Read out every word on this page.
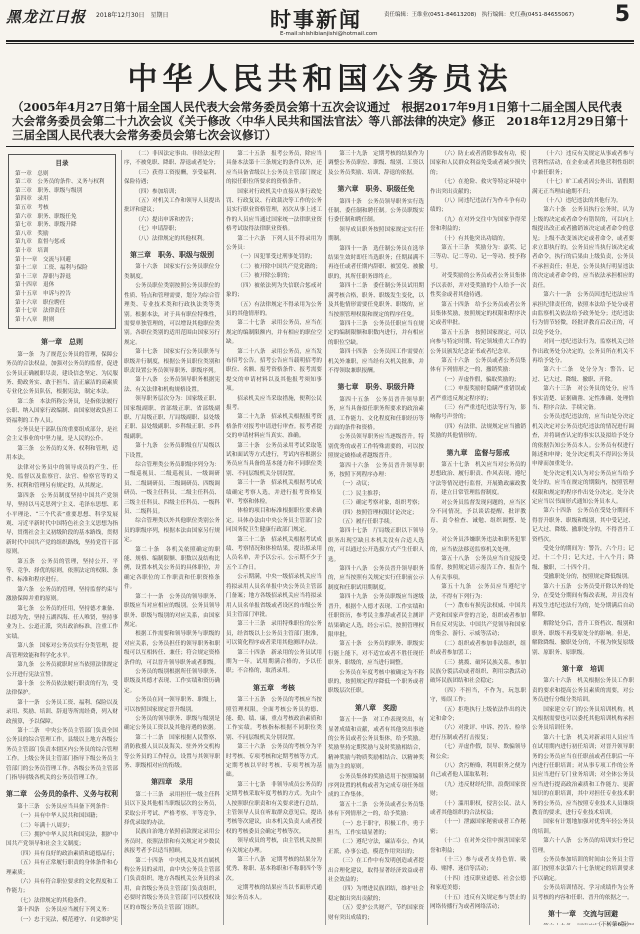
黑龙江日报 2018年12月30日　星期日	时事新闻
E-mail:shishibianjishi@hotmail.com
责任编辑：王维业(0451-84613208)　执行编辑：史红燕(0451-84655067) 5
中华人民共和国公务员法
（2005年4月27日第十届全国人民代表大会常务委员会第十五次会议通过　根据2017年9月1日第十二届全国人民代表大会常务委员会第二十九次会议《关于修改〈中华人民共和国法官法〉等八部法律的决定》修正　2018年12月29日第十三届全国人民代表大会常务委员会第七次会议修订）
目录
第一章　总则
第二章　公务员的条件、义务与权利
第三章　职务、职级与级别
第四章　录用
第五章　考核
第六章　职务、职级任免
第七章　职务、职级升降
第八章　奖励
第九章　监督与惩戒
第十章　培训
第十一章　交流与回避
第十二章　工资、福利与保险
第十三章　辞职与辞退
第十四章　退休
第十五章　申诉与控告
第十六章　职位聘任
第十七章　法律责任
第十八章　附则
第一章　总则

第一条　为了规范公务员的管理，保障公务员的合法权益，加强对公务员的监督，促进公务员正确履职尽责，建设信念坚定、为民服务、勤政务实、敢于担当、清正廉洁的高素质专业化公务员队伍，根据宪法，制定本法。

第二条　本法所称公务员，是指依法履行公职、纳入国家行政编制、由国家财政负担工资福利的工作人员。

公务员是干部队伍的重要组成部分，是社会主义事业的中坚力量，是人民的公仆。

第三条　公务员的义务、权利和管理，适用本法。

法律对公务员中的领导成员的产生、任免、监督以及监察官、法官、检察官等的义务、权利和管理另有规定的，从其规定。

第四条　公务员制度坚持中国共产党领导，坚持以马克思列宁主义、毛泽东思想、邓小平理论、“三个代表”重要思想、科学发展观、习近平新时代中国特色社会主义思想为指导，贯彻社会主义初级阶段的基本路线，贯彻新时代中国共产党的组织路线，坚持党管干部原则。

第五条　公务员的管理，坚持公开、平等、竞争、择优的原则，依照法定的权限、条件、标准和程序进行。

第六条　公务员的管理，坚持监督约束与激励保障并重的原则。

第七条　公务员的任用，坚持德才兼备、以德为先，坚持五湖四海、任人唯贤，坚持事业为上、公道正派，突出政治标准，注重工作实绩。

第八条　国家对公务员实行分类管理，提高管理效能和科学化水平。

第九条　公务员就职时应当依照法律规定公开进行宪法宣誓。

第十条　公务员依法履行职责的行为，受法律保护。

第十一条　公务员工资、福利、保险以及录用、奖励、培训、辞退等所需经费，列入财政预算，予以保障。

第十二条　中央公务员主管部门负责全国公务员的综合管理工作。县级以上地方各级公务员主管部门负责本辖区内公务员的综合管理工作。上级公务员主管部门指导下级公务员主管部门的公务员管理工作。各级公务员主管部门指导同级各机关的公务员管理工作。

第二章　公务员的条件、义务与权利

第十三条　公务员应当具备下列条件：

（一）具有中华人民共和国国籍；

（二）年满十八周岁；

（三）拥护中华人民共和国宪法，拥护中国共产党领导和社会主义制度；

（四）具有良好的政治素质和道德品行；

（五）具有正常履行职责的身体条件和心理素质；

（六）具有符合职位要求的文化程度和工作能力；

（七）法律规定的其他条件。

第十四条　公务员应当履行下列义务：

（一）忠于宪法，模范遵守、自觉维护宪

（二）非因法定事由、非经法定程序，不被免职、降职、辞退或者处分；

（三）获得工资报酬，享受福利、保险待遇；

（四）参加培训；

（五）对机关工作和领导人员提出批评和建议；

（六）提出申诉和控告；

（七）申请辞职；

（八）法律规定的其他权利。

第三章　职务、职级与级别

第十六条　国家实行公务员职位分类制度。

公务员职位类别按照公务员职位的性质、特点和管理需要，划分为综合管理类、专业技术类和行政执法类等类别。根据本法，对于具有职位特殊性，需要单独管理的，可以增设其他职位类别。各职位类别的适用范围由国家另行规定。

第十七条　国家实行公务员职务与职级并行制度，根据公务员职位类别和职责设置公务员领导职务、职级序列。

第十八条　公务员领导职务根据宪法、有关法律和机构规格设置。

领导职务层次分为：国家级正职、国家级副职、省部级正职、省部级副职、厅局级正职、厅局级副职、县处级正职、县处级副职、乡科级正职、乡科级副职。

第十九条　公务员职级在厅局级以下设置。

综合管理类公务员职级序列分为：一级巡视员、二级巡视员、一级调研员、二级调研员、三级调研员、四级调研员、一级主任科员、二级主任科员、三级主任科员、四级主任科员、一级科员、二级科员。

综合管理类以外其他职位类别公务员的职级序列，根据本法由国家另行规定。

第二十条　各机关依照确定的职能、规格、编制限额、职数以及结构比例，设置本机关公务员的具体职位，并确定各职位的工作职责和任职资格条件。

第二十一条　公务员的领导职务、职级应当对应相应的级别。公务员领导职务、职级与级别的对应关系，由国家规定。

根据工作需要和领导职务与职级的对应关系，公务员担任的领导职务和职级可以互相转任、兼任；符合规定资格条件的，可以晋升领导职务或者职级。

公务员的级别根据所任领导职务、职级及其德才表现、工作实绩和资历确定。

公务员在同一领导职务、职级上，可以按照国家规定晋升级别。

公务员的领导职务、职级与级别是确定公务员工资以及其他待遇的依据。

第二十二条　国家根据人民警察、消防救援人员以及海关、驻外外交机构等公务员的工作特点，设置与其领导职务、职级相对应的衔级。

第四章　录用

第二十三条　录用担任一级主任科员以下及其他相当职级层次的公务员，采取公开考试、严格考察、平等竞争、择优录取的办法。

民族自治地方依照前款规定录用公务员时，依照法律和有关规定对少数民族报考者予以适当照顾。

第二十四条　中央机关及其直属机构公务员的录用，由中央公务员主管部门负责组织。地方各级机关公务员的录用，由省级公务员主管部门负责组织，必要时省级公务员主管部门可以授权设区的市级公务员主管部门组织。

第二十五条　报考公务员，除应当具备本法第十三条规定的条件以外，还应当具备省级以上公务员主管部门规定的拟任职位所要求的资格条件。

国家对行政机关中直接从事行政处罚、行政复议、行政裁决等工作的公务员实行职业资格管理，初次从事上述工作的人员应当通过国家统一法律职业资格考试取得法律职业资格。

第二十六条　下列人员不得录用为公务员：

（一）因犯罪受过刑事处罚的；

（二）被开除中国共产党党籍的；

（三）被开除公职的；

（四）被依法列为失信联合惩戒对象的；

（五）有法律规定不得录用为公务员的其他情形的。

第二十七条　录用公务员，应当在规定的编制限额内，并有相应的职位空缺。

第二十八条　录用公务员，应当发布招考公告。招考公告应当载明招考的职位、名额、报考资格条件、报考需要提交的申请材料以及其他报考须知事项。

招录机关应当采取措施，便利公民报考。

第二十九条　招录机关根据报考资格条件对报考申请进行审查。报考者提交的申请材料应当真实、准确。

第三十条　公务员录用考试采取笔试和面试等方式进行，考试内容根据公务员应当具备的基本能力和不同职位类别、不同层级机关分别设置。

第三十一条　招录机关根据考试成绩确定考察人选，并进行报考资格复审、考察和体检。

体检的项目和标准根据职位要求确定。具体办法由中央公务员主管部门会同国务院卫生健康行政部门规定。

第三十二条　招录机关根据考试成绩、考察情况和体检结果，提出拟录用人员名单，并予以公示。公示期不少于五个工作日。

公示期满，中央一级招录机关应当将拟录用人员名单报中央公务员主管部门备案；地方各级招录机关应当将拟录用人员名单报省级或者设区的市级公务员主管部门审批。

第三十三条　录用特殊职位的公务员，经省级以上公务员主管部门批准，可以简化程序或者采用其他测评办法。

第三十四条　新录用的公务员试用期为一年。试用期满合格的，予以任职；不合格的，取消录用。

第五章　考核

第三十五条　公务员的考核应当按照管理权限，全面考核公务员的德、能、勤、绩、廉，重点考核政治素质和工作实绩。考核指标根据不同职位类别、不同层级机关分别设置。

第三十六条　公务员的考核分为平时考核、专项考核和定期考核等方式。定期考核以平时考核、专项考核为基础。

第三十七条　非领导成员公务员的定期考核采取年度考核的方式。先由个人按照职位职责和有关要求进行总结，主管领导人员在听取群众意见后，提出考核等次建议，由本机关负责人或者授权的考核委员会确定考核等次。

领导成员的考核，由主管机关按照有关规定办理。

第三十八条　定期考核的结果分为优秀、称职、基本称职和不称职四个等次。

定期考核的结果应当以书面形式通知公务员本人。

第三十九条　定期考核的结果作为调整公务员职位、职级、级别、工资以及公务员奖励、培训、辞退的依据。

第六章　职务、职级任免

第四十条　公务员领导职务实行选任制、委任制和聘任制。公务员职级实行委任制和聘任制。

领导成员职务按照国家规定实行任期制。

第四十一条　选任制公务员在选举结果生效时即任当选职务；任期届满不再连任或者任期内辞职、被罢免、被撤职的，其所任职务即终止。

第四十二条　委任制公务员试用期满考核合格，职务、职级发生变化，以及其他情形需要任免职务、职级的，应当按照管理权限和规定的程序任免。

第四十三条　公务员任职应当在规定的编制限额和职数内进行，并有相应的职位空缺。

第四十四条　公务员因工作需要在机关外兼职，应当经有关机关批准，并不得领取兼职报酬。

第七章　职务、职级升降

第四十五条　公务员晋升领导职务，应当具备拟任职务所要求的政治素质、工作能力、文化程度和任职经历等方面的条件和资格。

公务员领导职务应当逐级晋升。特别优秀的或者工作特殊需要的，可以按照规定破格或者越级晋升。

第四十六条　公务员晋升领导职务，按照下列程序办理：

（一）动议；

（二）民主推荐；

（三）确定考察对象，组织考察；

（四）按照管理权限讨论决定；

（五）履行任职手续。

第四十七条　厅局级正职以下领导职务出现空缺且本机关没有合适人选的，可以通过公开选拔方式产生任职人选。

第四十八条　公务员晋升领导职务的，应当按照有关规定实行任职前公示制度和任职试用期制度。

第四十九条　公务员职级应当逐级晋升，根据个人德才表现、工作实绩和任职资历，参考民主推荐或者民主测评结果确定人选，经公示后，按照管理权限审批。

第五十条　公务员的职务、职级实行能上能下。对不适宜或者不胜任现任职务、职级的，应当进行调整。

公务员在年度考核中被确定为不称职的，按照规定程序降低一个职务或者职级层次任职。

第八章　奖励

第五十一条　对工作表现突出，有显著成绩和贡献，或者有其他突出事迹的公务员或者公务员集体，给予奖励。奖励坚持定期奖励与及时奖励相结合，精神奖励与物质奖励相结合、以精神奖励为主的原则。

公务员集体的奖励适用于按照编制序列设置的机构或者为完成专项任务组成的工作集体。

第五十二条　公务员或者公务员集体有下列情形之一的，给予奖励：

（一）忠于职守，积极工作，勇于担当，工作实绩显著的；

（二）遵纪守法，廉洁奉公，作风正派，办事公道，模范作用突出的；

（三）在工作中有发明创造或者提出合理化建议，取得显著经济效益或者社会效益的；

（四）为增进民族团结，维护社会稳定做出突出贡献的；

（五）爱护公共财产，节约国家资财有突出成绩的；

（六）防止或者消除事故有功，使国家和人民群众利益免受或者减少损失的；

（七）在抢险、救灾等特定环境中作出突出贡献的；

（八）同违纪违法行为作斗争有功绩的；

（九）在对外交往中为国家争得荣誉和利益的；

（十）有其他突出功绩的。

第五十三条　奖励分为：嘉奖、记三等功、记二等功、记一等功、授予称号。

对受奖励的公务员或者公务员集体予以表彰，并对受奖励的个人给予一次性奖金或者其他待遇。

第五十四条　给予公务员或者公务员集体奖励，按照规定的权限和程序决定或者审批。

第五十五条　按照国家规定，可以向参与特定时期、特定领域重大工作的公务员颁发纪念证书或者纪念章。

第五十六条　公务员或者公务员集体有下列情形之一的，撤销奖励：

（一）弄虚作假，骗取奖励的；

（二）申报奖励时隐瞒严重错误或者严重违反规定程序的；

（三）有严重违纪违法等行为，影响称号声誉的；

（四）有法律、法规规定应当撤销奖励的其他情形的。

第九章　监督与惩戒

第五十七条　机关应当对公务员的思想政治、履行职责、作风表现、遵纪守法等情况进行监督，开展勤政廉政教育，建立日常管理监督制度。

对公务员监督发现问题的，应当区分不同情况，予以谈话提醒、批评教育、责令检查、诫勉、组织调整、处分。

对公务员涉嫌职务违法和职务犯罪的，应当依法移送监察机关处理。

第五十八条　公务员应当自觉接受监督，按照规定请示报告工作、报告个人有关事项。

第五十九条　公务员应当遵纪守法，不得有下列行为：

（一）散布有损宪法权威、中国共产党和国家声誉的言论，组织或者参加旨在反对宪法、中国共产党领导和国家的集会、游行、示威等活动；

（二）组织或者参加非法组织，组织或者参加罢工；

（三）挑拨、破坏民族关系，参加民族分裂活动或者组织、利用宗教活动破坏民族团结和社会稳定；

（四）不担当，不作为，玩忽职守，贻误工作；

（五）拒绝执行上级依法作出的决定和命令；

（六）对批评、申诉、控告、检举进行压制或者打击报复；

（七）弄虚作假，误导、欺骗领导和公众；

（八）贪污贿赂，利用职务之便为自己或者他人谋取私利；

（九）违反财经纪律，浪费国家资财；

（十）滥用职权，侵害公民、法人或者其他组织的合法权益；

（十一）泄露国家秘密或者工作秘密；

（十二）在对外交往中损害国家荣誉和利益；

（十三）参与或者支持色情、吸毒、赌博、迷信等活动；

（十四）违反职业道德、社会公德和家庭美德；

（十五）违反有关规定参与禁止的网络传播行为或者网络活动；

（十六）违反有关规定从事或者参与营利性活动，在企业或者其他营利性组织中兼任职务；

（十七）旷工或者因公外出、请假期满无正当理由逾期不归；

（十八）违纪违法的其他行为。

第六十条　公务员执行公务时，认为上级的决定或者命令有错误的，可以向上级提出改正或者撤销该决定或者命令的意见；上级不改变该决定或者命令，或者要求立即执行的，公务员应当执行该决定或者命令，执行的后果由上级负责，公务员不承担责任；但是，公务员执行明显违法的决定或者命令的，应当依法承担相应的责任。

第六十一条　公务员因违纪违法应当承担纪律责任的，依照本法给予处分或者由监察机关依法给予政务处分；违纪违法行为情节轻微，经批评教育后改正的，可以免予处分。

对同一违纪违法行为，监察机关已经作出政务处分决定的，公务员所在机关不再给予处分。

第六十二条　处分分为：警告、记过、记大过、降级、撤职、开除。

第六十三条　对公务员的处分，应当事实清楚、证据确凿、定性准确、处理恰当、程序合法、手续完备。

公务员违纪违法的，应当由处分决定机关决定对公务员违纪违法的情况进行调查，并将调查认定的事实以及拟给予处分的依据告知公务员本人。公务员有权进行陈述和申辩；处分决定机关不得因公务员申辩而加重处分。

处分决定机关认为对公务员应当给予处分的，应当在规定的期限内，按照管理权限和规定的程序作出处分决定。处分决定应当以书面形式通知公务员本人。

第六十四条　公务员在受处分期间不得晋升职务、职级和级别，其中受记过、记大过、降级、撤职处分的，不得晋升工资档次。

受处分的期间为：警告，六个月；记过，十二个月；记大过，十八个月；降级、撤职，二十四个月。

受撤职处分的，按照规定降低级别。

第六十五条　公务员受开除以外的处分，在受处分期间有悔改表现，并且没有再发生违纪违法行为的，处分期满后自动解除。

解除处分后，晋升工资档次、级别和职务、职级不再受原处分的影响。但是，解除降级、撤职处分的，不视为恢复原级别、原职务、原职级。

第十章　培训

第六十六条　机关根据公务员工作职责的要求和提高公务员素质的需要，对公务员进行分级分类培训。

国家建立专门的公务员培训机构。机关根据需要也可以委托其他培训机构承担公务员培训任务。

第六十七条　机关对新录用人员应当在试用期内进行初任培训；对晋升领导职务的公务员应当在任职前或者任职后一年内进行任职培训；对从事专项工作的公务员应当进行专门业务培训；对全体公务员应当进行提高政治素质和工作能力、更新知识的在职培训，其中对担任专业技术职务的公务员，应当按照专业技术人员继续教育的要求，进行专业技术培训。

国家有计划地加强对优秀年轻公务员的培训。

第六十八条　公务员的培训实行登记管理。

公务员参加培训的时间由公务员主管部门按照本法第六十七条规定的培训要求予以确定。

公务员培训情况、学习成绩作为公务员考核的内容和任职、晋升的依据之一。

第十一章　交流与回避

（下转第6版）
